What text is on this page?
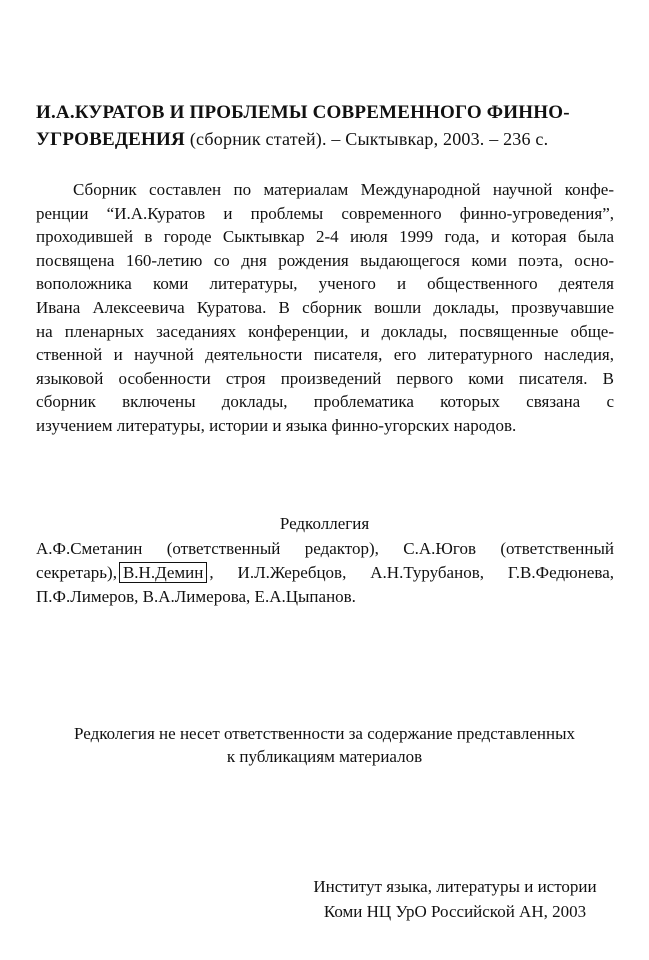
И.А.КУРАТОВ И ПРОБЛЕМЫ СОВРЕМЕННОГО ФИННО-
УГРОВЕДЕНИЯ (сборник статей). – Сыктывкар, 2003. – 236 с.
Сборник составлен по материалам Международной научной конфе-
ренции “И.А.Куратов и проблемы современного финно-угроведения”,
проходившей в городе Сыктывкар 2-4 июля 1999 года, и которая была
посвящена 160-летию со дня рождения выдающегося коми поэта, осно-
воположника коми литературы, ученого и общественного деятеля
Ивана Алексеевича Куратова. В сборник вошли доклады, прозвучавшие
на пленарных заседаниях конференции, и доклады, посвященные обще-
ственной и научной деятельности писателя, его литературного наследия,
языковой особенности строя произведений первого коми писателя. В
сборник включены доклады, проблематика которых связана с
изучением литературы, истории и языка финно-угорских народов.
Редколлегия
А.Ф.Сметанин (ответственный редактор), С.А.Югов (ответственный
секретарь), В.Н.Демин , И.Л.Жеребцов, А.Н.Турубанов, Г.В.Федюнева,
П.Ф.Лимеров, В.А.Лимерова, Е.А.Цыпанов.
Редколегия не несет ответственности за содержание представленных
к публикациям материалов
Институт языка, литературы и истории
Коми НЦ УрО Российской АН, 2003
